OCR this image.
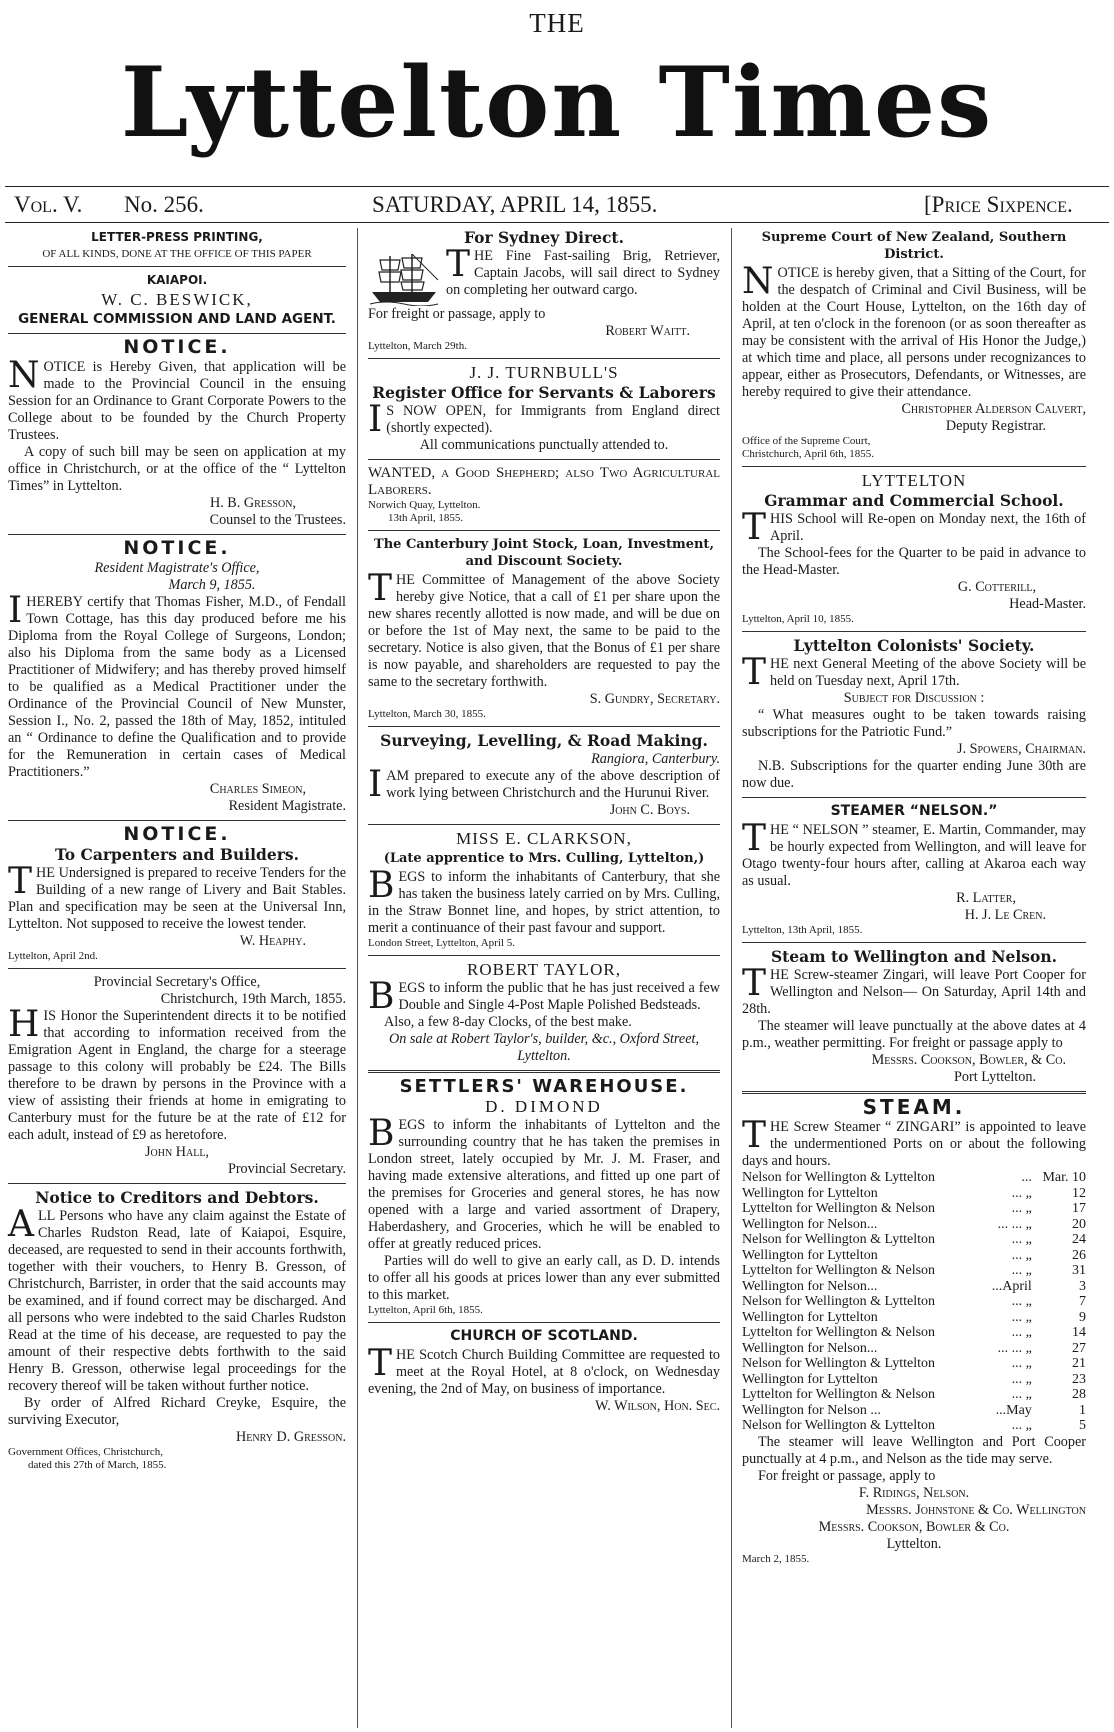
THE
Lyttelton Times
Vol. V. No. 256.	SATURDAY, APRIL 14, 1855.	[Price Sixpence.
LETTER-PRESS PRINTING,
OF ALL KINDS, DONE AT THE OFFICE OF THIS PAPER
KAIAPOI.
W. C. BESWICK,
GENERAL COMMISSION AND LAND AGENT.
NOTICE.

NOTICE is Hereby Given, that application will be made to the Provincial Council in the ensuing Session for an Ordinance to Grant Corporate Powers to the College about to be founded by the Church Property Trustees.

A copy of such bill may be seen on application at my office in Christchurch, or at the office of the “ Lyttelton Times” in Lyttelton.

H. B. Gresson,

Counsel to the Trustees.

NOTICE.

Resident Magistrate's Office,

March 9, 1855.

IHEREBY certify that Thomas Fisher, M.D., of Fendall Town Cottage, has this day produced before me his Diploma from the Royal College of Surgeons, London; also his Diploma from the same body as a Licensed Practitioner of Midwifery; and has thereby proved himself to be qualified as a Medical Practitioner under the Ordinance of the Provincial Council of New Munster, Session I., No. 2, passed the 18th of May, 1852, intituled an “ Ordinance to define the Qualification and to provide for the Remuneration in certain cases of Medical Practitioners.”

Charles Simeon,

Resident Magistrate.

NOTICE.
To Carpenters and Builders.

THE Undersigned is prepared to receive Tenders for the Building of a new range of Livery and Bait Stables. Plan and specification may be seen at the Universal Inn, Lyttelton. Not supposed to receive the lowest tender.

W. Heaphy.

Lyttelton, April 2nd.

Provincial Secretary's Office,

Christchurch, 19th March, 1855.

HIS Honor the Superintendent directs it to be notified that according to information received from the Emigration Agent in England, the charge for a steerage passage to this colony will probably be £24. The Bills therefore to be drawn by persons in the Province with a view of assisting their friends at home in emigrating to Canterbury must for the future be at the rate of £12 for each adult, instead of £9 as heretofore.

John Hall,

Provincial Secretary.

Notice to Creditors and Debtors.

ALL Persons who have any claim against the Estate of Charles Rudston Read, late of Kaiapoi, Esquire, deceased, are requested to send in their accounts forthwith, together with their vouchers, to Henry B. Gresson, of Christchurch, Barrister, in order that the said accounts may be examined, and if found correct may be discharged. And all persons who were indebted to the said Charles Rudston Read at the time of his decease, are requested to pay the amount of their respective debts forthwith to the said Henry B. Gresson, otherwise legal proceedings for the recovery thereof will be taken without further notice.

By order of Alfred Richard Creyke, Esquire, the surviving Executor,

Henry D. Gresson.

Government Offices, Christchurch,

dated this 27th of March, 1855.

For Sydney Direct.

THE Fine Fast-sailing Brig, Retriever, Captain Jacobs, will sail direct to Sydney on completing her outward cargo.

For freight or passage, apply to

Robert Waitt.

Lyttelton, March 29th.

J. J. TURNBULL'S
Register Office for Servants & Laborers

I S NOW OPEN, for Immigrants from England direct (shortly expected).

All communications punctually attended to.

WANTED, a Good Shepherd; also Two Agricultural Laborers.

Norwich Quay, Lyttelton.

13th April, 1855.

The Canterbury Joint Stock, Loan, Investment, and Discount Society.

THE Committee of Management of the above Society hereby give Notice, that a call of £1 per share upon the new shares recently allotted is now made, and will be due on or before the 1st of May next, the same to be paid to the secretary. Notice is also given, that the Bonus of £1 per share is now payable, and shareholders are requested to pay the same to the secretary forthwith.

S. Gundry, Secretary.

Lyttelton, March 30, 1855.

Surveying, Levelling, & Road Making.

Rangiora, Canterbury.

IAM prepared to execute any of the above description of work lying between Christchurch and the Hurunui River.

John C. Boys.

MISS E. CLARKSON,
(Late apprentice to Mrs. Culling, Lyttelton,)

BEGS to inform the inhabitants of Canterbury, that she has taken the business lately carried on by Mrs. Culling, in the Straw Bonnet line, and hopes, by strict attention, to merit a continuance of their past favour and support.

London Street, Lyttelton, April 5.

ROBERT TAYLOR,

BEGS to inform the public that he has just received a few Double and Single 4-Post Maple Polished Bedsteads.

Also, a few 8-day Clocks, of the best make.

On sale at Robert Taylor's, builder, &c., Oxford Street, Lyttelton.

SETTLERS' WAREHOUSE.
D. DIMOND

BEGS to inform the inhabitants of Lyttelton and the surrounding country that he has taken the premises in London street, lately occupied by Mr. J. M. Fraser, and having made extensive alterations, and fitted up one part of the premises for Groceries and general stores, he has now opened with a large and varied assortment of Drapery, Haberdashery, and Groceries, which he will be enabled to offer at greatly reduced prices.

Parties will do well to give an early call, as D. D. intends to offer all his goods at prices lower than any ever submitted to this market.

Lyttelton, April 6th, 1855.

CHURCH OF SCOTLAND.

THE Scotch Church Building Committee are requested to meet at the Royal Hotel, at 8 o'clock, on Wednesday evening, the 2nd of May, on business of importance.

W. Wilson, Hon. Sec.

Supreme Court of New Zealand, Southern District.

NOTICE is hereby given, that a Sitting of the Court, for the despatch of Criminal and Civil Business, will be holden at the Court House, Lyttelton, on the 16th day of April, at ten o'clock in the forenoon (or as soon thereafter as may be consistent with the arrival of His Honor the Judge,) at which time and place, all persons under recognizances to appear, either as Prosecutors, Defendants, or Witnesses, are hereby required to give their attendance.

Christopher Alderson Calvert,

Deputy Registrar.

Office of the Supreme Court,

Christchurch, April 6th, 1855.

LYTTELTON
Grammar and Commercial School.

THIS School will Re-open on Monday next, the 16th of April.

The School-fees for the Quarter to be paid in advance to the Head-Master.

G. Cotterill,

Head-Master.

Lyttelton, April 10, 1855.

Lyttelton Colonists' Society.

THE next General Meeting of the above Society will be held on Tuesday next, April 17th.

Subject for Discussion :

“ What measures ought to be taken towards raising subscriptions for the Patriotic Fund.”

J. Spowers, Chairman.

N.B. Subscriptions for the quarter ending June 30th are now due.

STEAMER “NELSON.”

THE “ NELSON ” steamer, E. Martin, Commander, may be hourly expected from Wellington, and will leave for Otago twenty-four hours after, calling at Akaroa each way as usual.

R. Latter,

H. J. Le Cren.

Lyttelton, 13th April, 1855.

Steam to Wellington and Nelson.

THE Screw-steamer Zingari, will leave Port Cooper for Wellington and Nelson— On Saturday, April 14th and 28th.

The steamer will leave punctually at the above dates at 4 p.m., weather permitting. For freight or passage apply to

Messrs. Cookson, Bowler, & Co.

Port Lyttelton.

STEAM.

THE Screw Steamer “ ZINGARI” is appointed to leave the undermentioned Ports on or about the following days and hours.

Nelson for Wellington & Lyttelton	...	Mar. 10
Wellington for Lyttelton	... „	12
Lyttelton for Wellington & Nelson	... „	17
Wellington for Nelson...	... ... „	20
Nelson for Wellington & Lyttelton	... „	24
Wellington for Lyttelton	... „	26
Lyttelton for Wellington & Nelson	... „	31
Wellington for Nelson...	...April	3
Nelson for Wellington & Lyttelton	... „	7
Wellington for Lyttelton	... „	9
Lyttelton for Wellington & Nelson	... „	14
Wellington for Nelson...	... ... „	27
Nelson for Wellington & Lyttelton	... „	21
Wellington for Lyttelton	... „	23
Lyttelton for Wellington & Nelson	... „	28
Wellington for Nelson ...	...May	1
Nelson for Wellington & Lyttelton	... „	5

The steamer will leave Wellington and Port Cooper punctually at 4 p.m., and Nelson as the tide may serve.

For freight or passage, apply to

F. Ridings, Nelson.

Messrs. Johnstone & Co. Wellington

Messrs. Cookson, Bowler & Co.

Lyttelton.

March 2, 1855.
